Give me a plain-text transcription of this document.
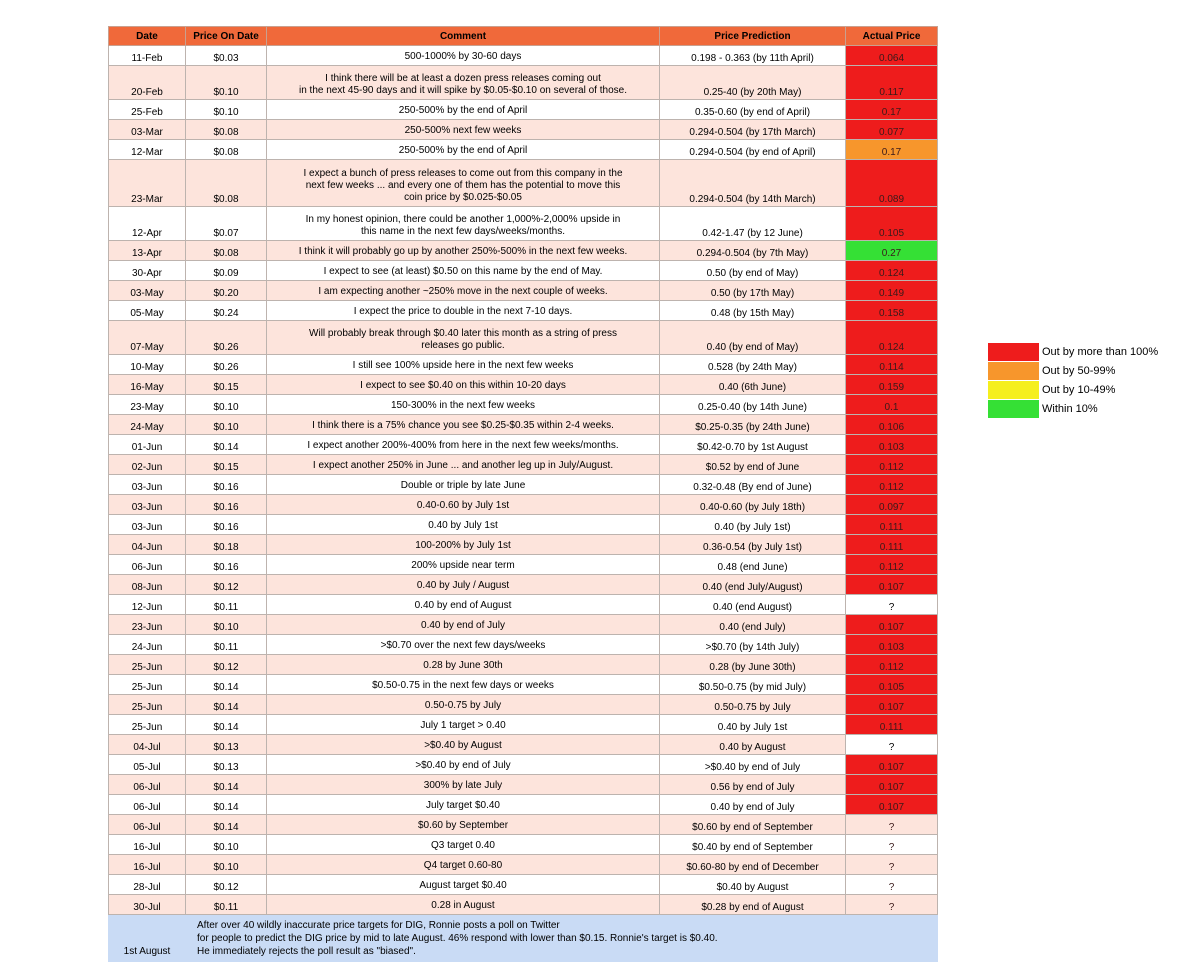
Date	Price On Date	Comment	Price Prediction	Actual Price
11-Feb	$0.03	500-1000% by 30-60 days	0.198 - 0.363 (by 11th April)	0.064
20-Feb	$0.10	I think there will be at least a dozen press releases coming out
in the next 45-90 days and it will spike by $0.05-$0.10 on several of those.	0.25-40 (by 20th May)	0.117
25-Feb	$0.10	250-500% by the end of April	0.35-0.60 (by end of April)	0.17
03-Mar	$0.08	250-500% next few weeks	0.294-0.504 (by 17th March)	0.077
12-Mar	$0.08	250-500% by the end of April	0.294-0.504 (by end of April)	0.17
23-Mar	$0.08	I expect a bunch of press releases to come out from this company in the
next few weeks ... and every one of them has the potential to move this
coin price by $0.025-$0.05	0.294-0.504 (by 14th March)	0.089
12-Apr	$0.07	In my honest opinion, there could be another 1,000%-2,000% upside in
this name in the next few days/weeks/months.	0.42-1.47 (by 12 June)	0.105
13-Apr	$0.08	I think it will probably go up by another 250%-500% in the next few weeks.	0.294-0.504 (by 7th May)	0.27
30-Apr	$0.09	I expect to see (at least) $0.50 on this name by the end of May.	0.50 (by end of May)	0.124
03-May	$0.20	I am expecting another ~250% move in the next couple of weeks.	0.50 (by 17th May)	0.149
05-May	$0.24	I expect the price to double in the next 7-10 days.	0.48 (by 15th May)	0.158
07-May	$0.26	Will probably break through $0.40 later this month as a string of press
releases go public.	0.40 (by end of May)	0.124
10-May	$0.26	I still see 100% upside here in the next few weeks	0.528 (by 24th May)	0.114
16-May	$0.15	I expect to see $0.40 on this within 10-20 days	0.40 (6th June)	0.159
23-May	$0.10	150-300% in the next few weeks	0.25-0.40 (by 14th June)	0.1
24-May	$0.10	I think there is a 75% chance you see $0.25-$0.35 within 2-4 weeks.	$0.25-0.35 (by 24th June)	0.106
01-Jun	$0.14	I expect another 200%-400% from here in the next few weeks/months.	$0.42-0.70 by 1st August	0.103
02-Jun	$0.15	I expect another 250% in June ... and another leg up in July/August.	$0.52 by end of June	0.112
03-Jun	$0.16	Double or triple by late June	0.32-0.48 (By end of June)	0.112
03-Jun	$0.16	0.40-0.60 by July 1st	0.40-0.60 (by July 18th)	0.097
03-Jun	$0.16	0.40 by July 1st	0.40 (by July 1st)	0.111
04-Jun	$0.18	100-200% by July 1st	0.36-0.54 (by July 1st)	0.111
06-Jun	$0.16	200% upside near term	0.48 (end June)	0.112
08-Jun	$0.12	0.40 by July / August	0.40 (end July/August)	0.107
12-Jun	$0.11	0.40 by end of August	0.40 (end August)	?
23-Jun	$0.10	0.40 by end of July	0.40 (end July)	0.107
24-Jun	$0.11	>$0.70 over the next few days/weeks	>$0.70 (by 14th July)	0.103
25-Jun	$0.12	0.28 by June 30th	0.28 (by June 30th)	0.112
25-Jun	$0.14	$0.50-0.75 in the next few days or weeks	$0.50-0.75 (by mid July)	0.105
25-Jun	$0.14	0.50-0.75 by July	0.50-0.75 by July	0.107
25-Jun	$0.14	July 1 target > 0.40	0.40 by July 1st	0.111
04-Jul	$0.13	>$0.40 by August	0.40 by August	?
05-Jul	$0.13	>$0.40 by end of July	>$0.40 by end of July	0.107
06-Jul	$0.14	300% by late July	0.56 by end of July	0.107
06-Jul	$0.14	July target $0.40	0.40 by end of July	0.107
06-Jul	$0.14	$0.60 by September	$0.60 by end of September	?
16-Jul	$0.10	Q3 target 0.40	$0.40 by end of September	?
16-Jul	$0.10	Q4 target 0.60-80	$0.60-80 by end of December	?
28-Jul	$0.12	August target $0.40	$0.40 by August	?
30-Jul	$0.11	0.28 in August	$0.28 by end of August	?
1st August	After over 40 wildly inaccurate price targets for DIG, Ronnie posts a poll on Twitter
for people to predict the DIG price by mid to late August. 46% respond with lower than $0.15. Ronnie's target is $0.40.
He immediately rejects the poll result as "biased".			
Out by more than 100%
Out by 50-99%
Out by 10-49%
Within 10%
